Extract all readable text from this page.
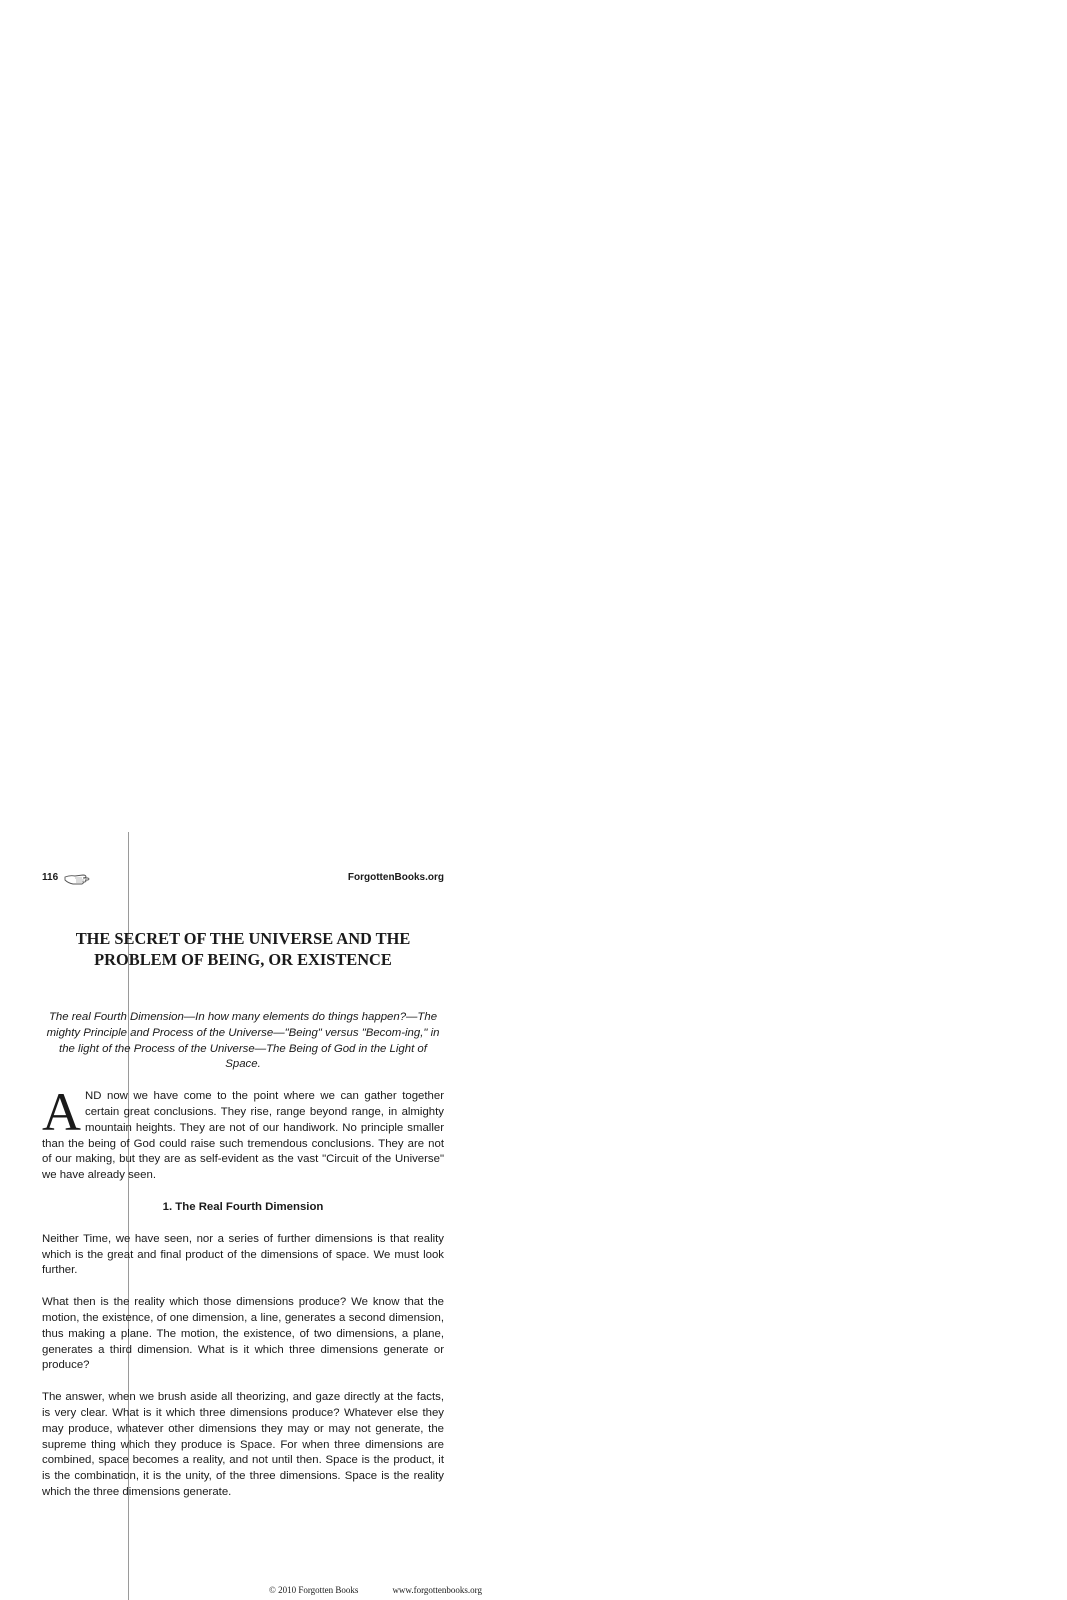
116	ForgottenBooks.org
THE SECRET OF THE UNIVERSE AND THE PROBLEM OF BEING, OR EXISTENCE
The real Fourth Dimension—In how many elements do things happen?—The mighty Principle and Process of the Universe—"Being" versus "Becom-ing," in the light of the Process of the Universe—The Being of God in the Light of Space.
A ND now we have come to the point where we can gather together certain great conclusions. They rise, range beyond range, in almighty mountain heights. They are not of our handiwork. No principle smaller than the being of God could raise such tremendous conclusions. They are not of our making, but they are as self-evident as the vast "Circuit of the Universe" we have already seen.
1. The Real Fourth Dimension
Neither Time, we have seen, nor a series of further dimensions is that reality which is the great and final product of the dimensions of space. We must look further.
What then is the reality which those dimensions produce? We know that the motion, the existence, of one dimension, a line, generates a second dimension, thus making a plane. The motion, the existence, of two dimensions, a plane, generates a third dimension. What is it which three dimensions generate or produce?
The answer, when we brush aside all theorizing, and gaze directly at the facts, is very clear. What is it which three dimensions produce? Whatever else they may produce, whatever other dimensions they may or may not generate, the supreme thing which they produce is Space. For when three dimensions are combined, space becomes a reality, and not until then. Space is the product, it is the combination, it is the unity, of the three dimensions. Space is the reality which the three dimensions generate.
© 2010 Forgotten Books	www.forgottenbooks.org
